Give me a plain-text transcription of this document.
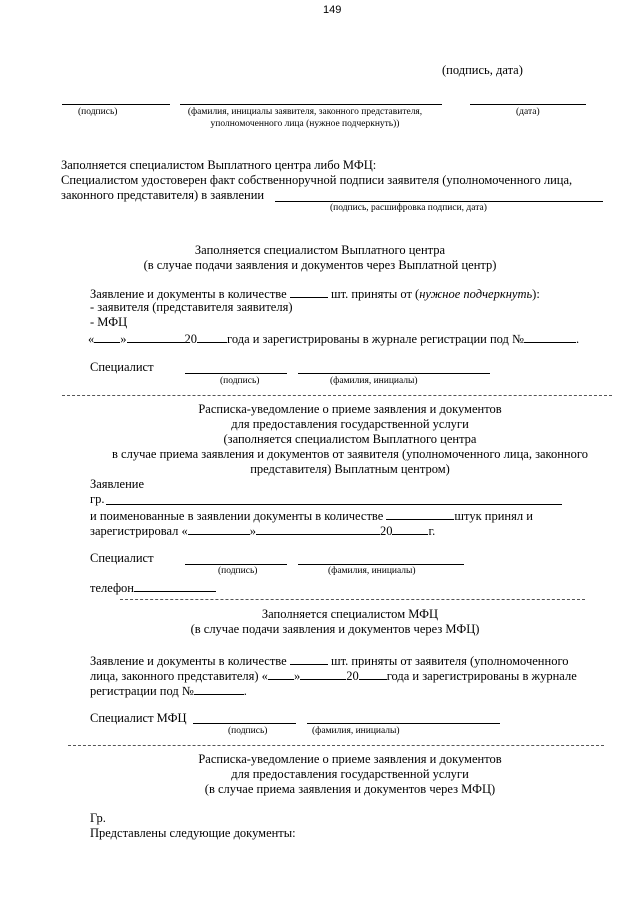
149
(подпись, дата)
(подпись)	(фамилия, инициалы заявителя, законного представителя,
уполномоченного лица (нужное подчеркнуть))
(дата)
Заполняется специалистом Выплатного центра либо МФЦ:
Специалистом удостоверен факт собственноручной подписи заявителя (уполномоченного лица,
законного представителя) в заявлении
(подпись, расшифровка подписи, дата)
Заполняется специалистом Выплатного центра
(в случае подачи заявления и документов через Выплатной центр)
Заявление и документы в количестве	шт. приняты от (нужное подчеркнуть):
- заявителя (представителя заявителя)
- МФЦ
« »	20 года и зарегистрированы в журнале регистрации под №	.
Специалист
(подпись)	(фамилия, инициалы)
Расписка-уведомление о приеме заявления и документов
для предоставления государственной услуги
(заполняется специалистом Выплатного центра
в случае приема заявления и документов от заявителя (уполномоченного лица, законного
представителя) Выплатным центром)
Заявление
гр.
и поименованные в заявлении документы в количестве	штук принял и
зарегистрировал «	»	20	г.
Специалист
(подпись)	(фамилия, инициалы)
телефон
Заполняется специалистом МФЦ
(в случае подачи заявления и документов через МФЦ)
Заявление и документы в количестве	шт. приняты от заявителя (уполномоченного
лица, законного представителя) « »	20 года и зарегистрированы в журнале
регистрации под №	.
Специалист МФЦ
(подпись)	(фамилия, инициалы)
Расписка-уведомление о приеме заявления и документов
для предоставления государственной услуги
(в случае приема заявления и документов через МФЦ)
Гр.
Представлены следующие документы:
